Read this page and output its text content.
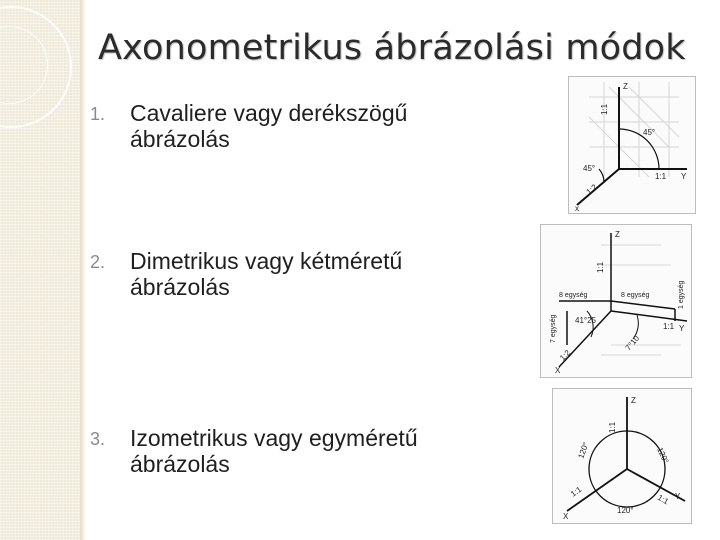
Axonometrikus ábrázolási módok
1. Cavaliere vagy derékszögű
ábrázolás
2. Dimetrikus vagy kétméretű
ábrázolás
3. Izometrikus vagy egyméretű
ábrázolás
Z
1:1
45°
45°
1:1 Y
1:2
x
Z
1:1
8 egység	8 egység
7 egység
1 egység
41°25
7°10
1:1 Y
1:2
X
Z
1:1
120°	120°
120°
1:1
1:1
X
Y
